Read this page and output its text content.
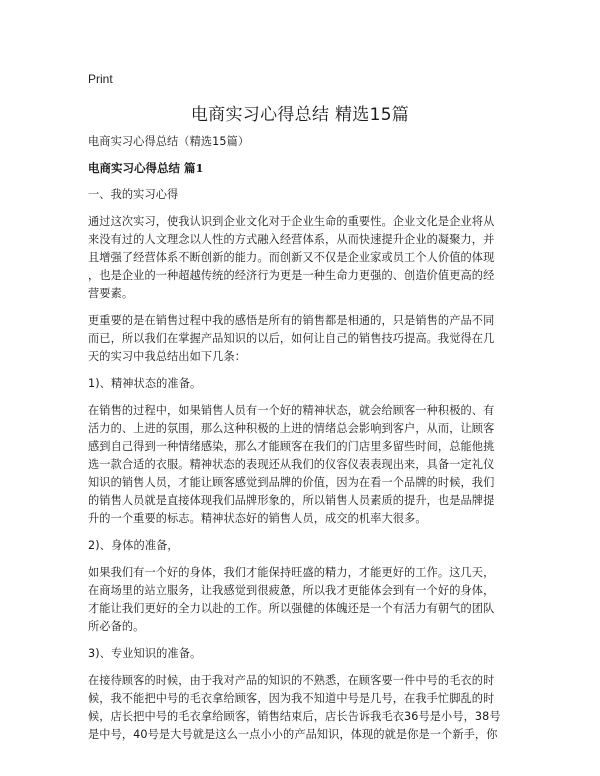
Print
电商实习心得总结 精选15篇

电商实习心得总结（精选15篇）

电商实习心得总结 篇1

一、我的实习心得

通过这次实习，使我认识到企业文化对于企业生命的重要性。企业文化是企业将从
来没有过的人文理念以人性的方式融入经营体系，从而快速提升企业的凝聚力，并
且增强了经营体系不断创新的能力。而创新又不仅是企业家或员工个人价值的体现
，也是企业的一种超越传统的经济行为更是一种生命力更强的、创造价值更高的经
营要素。

更重要的是在销售过程中我的感悟是所有的销售都是相通的，只是销售的产品不同
而已，所以我们在掌握产品知识的以后，如何让自己的销售技巧提高。我觉得在几
天的实习中我总结出如下几条：

1)、精神状态的准备。

在销售的过程中，如果销售人员有一个好的精神状态，就会给顾客一种积极的、有
活力的、上进的氛围，那么这种积极的上进的情绪总会影响到客户，从而，让顾客
感到自己得到一种情绪感染，那么才能顾客在我们的门店里多留些时间，总能他挑
选一款合适的衣服。精神状态的表现还从我们的仪容仪表表现出来，具备一定礼仪
知识的销售人员，才能让顾客感觉到品牌的价值，因为在看一个品牌的时候，我们
的销售人员就是直接体现我们品牌形象的，所以销售人员素质的提升，也是品牌提
升的一个重要的标志。精神状态好的销售人员，成交的机率大很多。

2)、身体的准备，

如果我们有一个好的身体，我们才能保持旺盛的精力，才能更好的工作。这几天，
在商场里的站立服务，让我感觉到很疲惫，所以我才更能体会到有一个好的身体，
才能让我们更好的全力以赴的工作。所以强健的体魄还是一个有活力有朝气的团队
所必备的。

3)、专业知识的准备。

在接待顾客的时候，由于我对产品的知识的不熟悉，在顾客要一件中号的毛衣的时
候，我不能把中号的毛衣拿给顾客，因为我不知道中号是几号，在我手忙脚乱的时
候，店长把中号的毛衣拿给顾客，销售结束后，店长告诉我毛衣36号是小号，38号
是中号，40号是大号就是这么一点小小的产品知识，体现的就是你是一个新手，你
